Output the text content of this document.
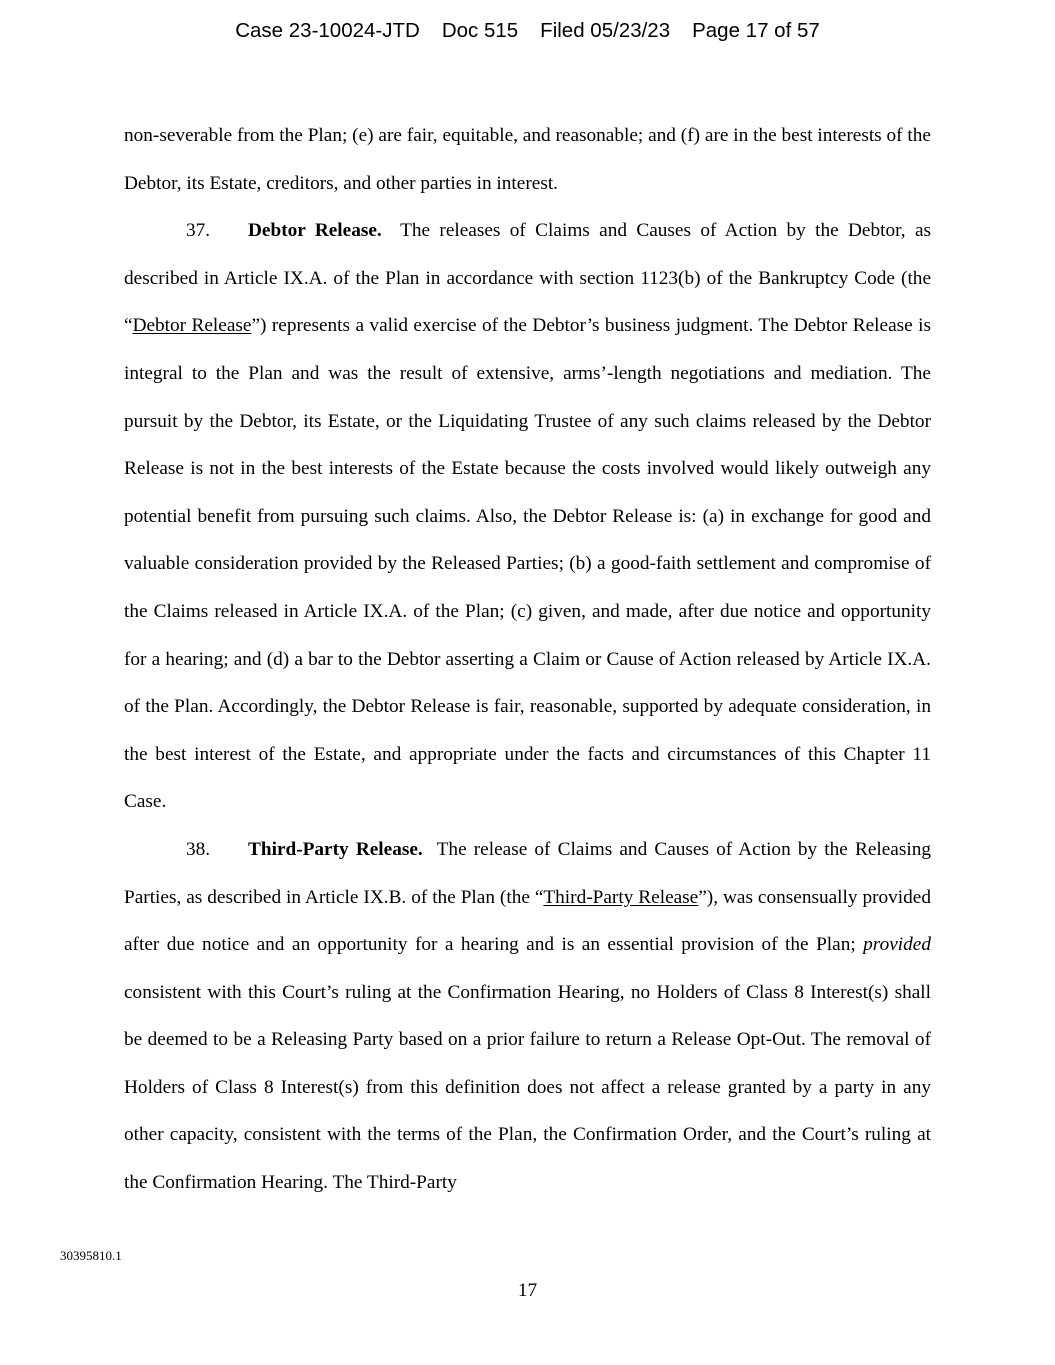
Case 23-10024-JTD Doc 515 Filed 05/23/23 Page 17 of 57

non-severable from the Plan; (e) are fair, equitable, and reasonable; and (f) are in the best interests of the Debtor, its Estate, creditors, and other parties in interest.

37. Debtor Release. The releases of Claims and Causes of Action by the Debtor, as described in Article IX.A. of the Plan in accordance with section 1123(b) of the Bankruptcy Code (the “Debtor Release”) represents a valid exercise of the Debtor’s business judgment. The Debtor Release is integral to the Plan and was the result of extensive, arms’-length negotiations and mediation. The pursuit by the Debtor, its Estate, or the Liquidating Trustee of any such claims released by the Debtor Release is not in the best interests of the Estate because the costs involved would likely outweigh any potential benefit from pursuing such claims. Also, the Debtor Release is: (a) in exchange for good and valuable consideration provided by the Released Parties; (b) a good-faith settlement and compromise of the Claims released in Article IX.A. of the Plan; (c) given, and made, after due notice and opportunity for a hearing; and (d) a bar to the Debtor asserting a Claim or Cause of Action released by Article IX.A. of the Plan. Accordingly, the Debtor Release is fair, reasonable, supported by adequate consideration, in the best interest of the Estate, and appropriate under the facts and circumstances of this Chapter 11 Case.

38. Third-Party Release. The release of Claims and Causes of Action by the Releasing Parties, as described in Article IX.B. of the Plan (the “Third-Party Release”), was consensually provided after due notice and an opportunity for a hearing and is an essential provision of the Plan; provided consistent with this Court’s ruling at the Confirmation Hearing, no Holders of Class 8 Interest(s) shall be deemed to be a Releasing Party based on a prior failure to return a Release Opt-Out. The removal of Holders of Class 8 Interest(s) from this definition does not affect a release granted by a party in any other capacity, consistent with the terms of the Plan, the Confirmation Order, and the Court’s ruling at the Confirmation Hearing. The Third-Party

30395810.1
17
